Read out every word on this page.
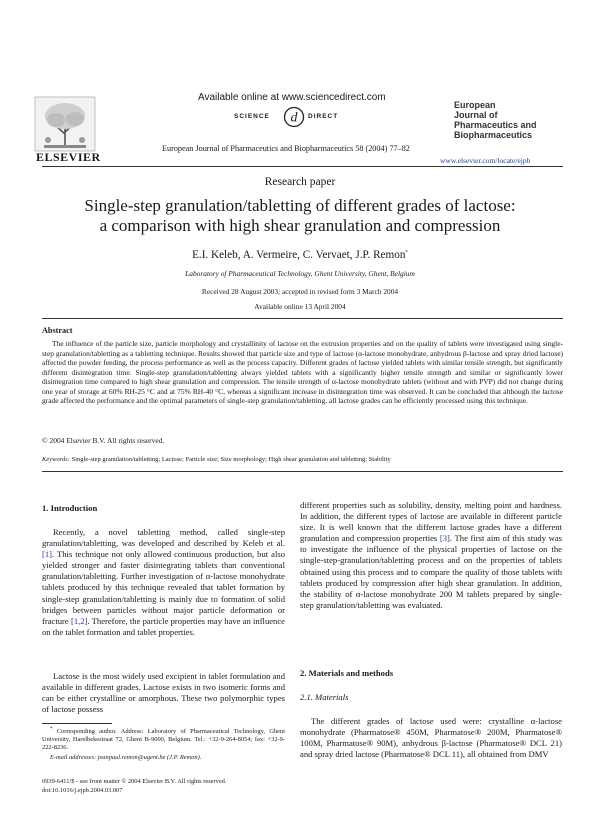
ELSEVIER
Available online at www.sciencedirect.com
SCIENCE d DIRECT
European Journal of Pharmaceutics and Biopharmaceutics 58 (2004) 77–82
European
Journal of
Pharmaceutics and
Biopharmaceutics
www.elsevier.com/locate/ejpb
Research paper
Single-step granulation/tabletting of different grades of lactose:
a comparison with high shear granulation and compression
E.I. Keleb, A. Vermeire, C. Vervaet, J.P. Remon*
Laboratory of Pharmaceutical Technology, Ghent University, Ghent, Belgium
Received 28 August 2003; accepted in revised form 3 March 2004
Available online 13 April 2004
Abstract
The influence of the particle size, particle morphology and crystallinity of lactose on the extrusion properties and on the quality of tablets were investigated using single-step granulation/tabletting as a tabletting technique. Results showed that particle size and type of lactose (α-lactose monohydrate, anhydrous β-lactose and spray dried lactose) affected the powder feeding, the process performance as well as the process capacity. Different grades of lactose yielded tablets with similar tensile strength, but significantly different disintegration time. Single-step granulation/tabletting always yielded tablets with a significantly higher tensile strength and similar or significantly lower disintegration time compared to high shear granulation and compression. The tensile strength of α-lactose monohydrate tablets (without and with PVP) did not change during one year of storage at 60% RH-25 °C and at 75% RH-40 °C, whereas a significant increase in disintegration time was observed. It can be concluded that although the lactose grade affected the performance and the optimal parameters of single-step granulation/tabletting, all lactose grades can be efficiently processed using this technique.
© 2004 Elsevier B.V. All rights reserved.
Keywords: Single-step granulation/tabletting; Lactose; Particle size; Size morphology; High shear granulation and tabletting; Stability
1. Introduction
Recently, a novel tabletting method, called single-step granulation/tabletting, was developed and described by Keleb et al.[1]. This technique not only allowed continuous production, but also yielded stronger and faster disintegrating tablets than conventional granulation/tabletting. Further investigation of α-lactose monohydrate tablets produced by this technique revealed that tablet formation by single-step granulation/tabletting is mainly due to formation of solid bridges between particles without major particle deformation or fracture [1,2]. Therefore, the particle properties may have an influence on the tablet formation and tablet properties.
Lactose is the most widely used excipient in tablet formulation and available in different grades. Lactose exists in two isomeric forms and can be either crystalline or amorphous. These two polymorphic types of lactose possess
* Corresponding author. Address: Laboratory of Pharmaceutical Technology, Ghent University, Harelbekestraat 72, Ghent B-9000, Belgium. Tel.: +32-9-264-8054; fax: +32-9-222-8236.
E-mail addresses: jeanpaul.remon@ugent.be (J.P. Remon).
0939-6411/$ - see front matter © 2004 Elsevier B.V. All rights reserved.
doi:10.1016/j.ejpb.2004.03.007
different properties such as solubility, density, melting point and hardness. In addition, the different types of lactose are available in different particle size. It is well known that the different lactose grades have a different granulation and compression properties [3]. The first aim of this study was to investigate the influence of the physical properties of lactose on the single-step-granulation/tabletting process and on the properties of tablets obtained using this process and to compare the quality of those tablets with tablets produced by compression after high shear granulation. In addition, the stability of α-lactose monohydrate 200 M tablets prepared by single-step granulation/tabletting was evaluated.
2. Materials and methods
2.1. Materials
The different grades of lactose used were: crystalline α-lactose monohydrate (Pharmatose® 450M, Pharmatose® 200M, Pharmatose® 100M, Pharmatose® 90M), anhydrous β-lactose (Pharmatose® DCL 21) and spray dried lactose (Pharmatose® DCL 11), all obtained from DMV
